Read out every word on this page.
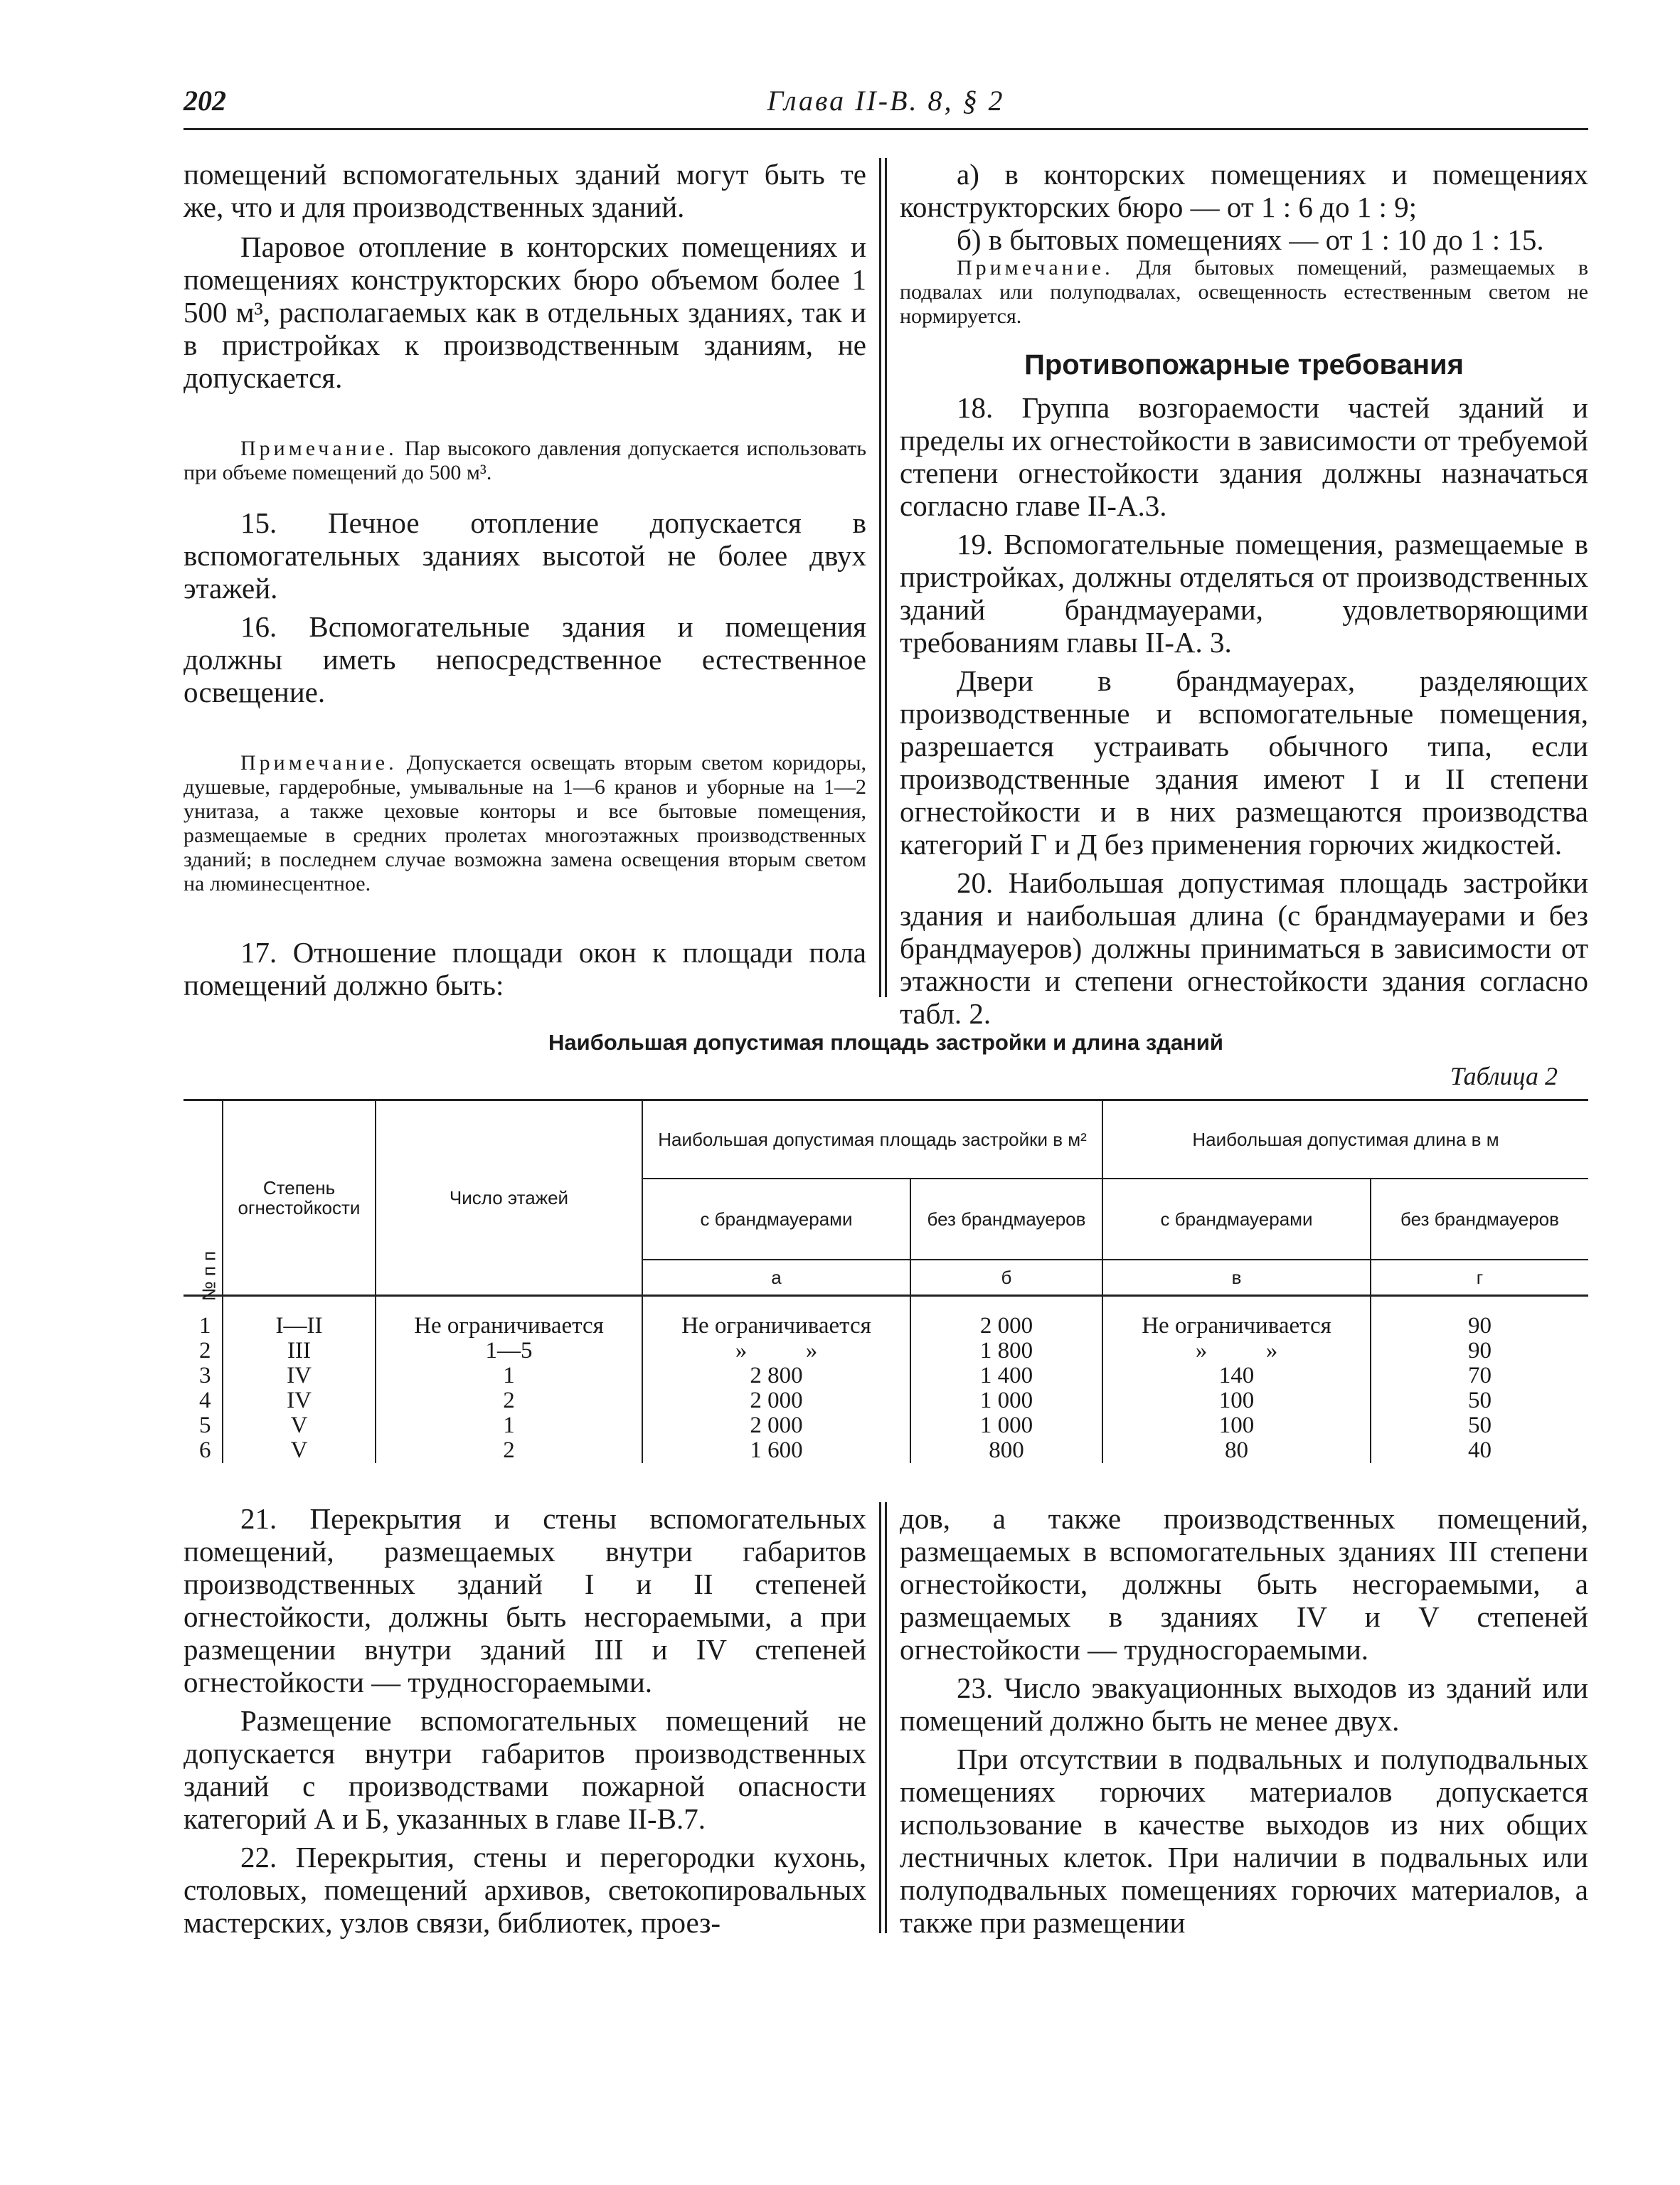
202	Глава II-В. 8, § 2

помещений вспомогательных зданий могут быть те же, что и для производственных зданий.

Паровое отопление в конторских помещениях и помещениях конструкторских бюро объемом более 1 500 м³, располагаемых как в отдельных зданиях, так и в пристройках к производственным зданиям, не допускается.

Примечание. Пар высокого давления допускается использовать при объеме помещений до 500 м³.

15. Печное отопление допускается в вспомогательных зданиях высотой не более двух этажей.

16. Вспомогательные здания и помещения должны иметь непосредственное естественное освещение.

Примечание. Допускается освещать вторым светом коридоры, душевые, гардеробные, умывальные на 1—6 кранов и уборные на 1—2 унитаза, а также цеховые конторы и все бытовые помещения, размещаемые в средних пролетах многоэтажных производственных зданий; в последнем случае возможна замена освещения вторым светом на люминесцентное.

17. Отношение площади окон к площади пола помещений должно быть:

а) в конторских помещениях и помещениях конструкторских бюро — от 1 : 6 до 1 : 9;

б) в бытовых помещениях — от 1 : 10 до 1 : 15.

Примечание. Для бытовых помещений, размещаемых в подвалах или полуподвалах, освещенность естественным светом не нормируется.

Противопожарные требования

18. Группа возгораемости частей зданий и пределы их огнестойкости в зависимости от требуемой степени огнестойкости здания должны назначаться согласно главе II-А.3.

19. Вспомогательные помещения, размещаемые в пристройках, должны отделяться от производственных зданий брандмауерами, удовлетворяющими требованиям главы II-А. 3.

Двери в брандмауерах, разделяющих производственные и вспомогательные помещения, разрешается устраивать обычного типа, если производственные здания имеют I и II степени огнестойкости и в них размещаются производства категорий Г и Д без применения горючих жидкостей.

20. Наибольшая допустимая площадь застройки здания и наибольшая длина (с брандмауерами и без брандмауеров) должны приниматься в зависимости от этажности и степени огнестойкости здания согласно табл. 2.

Наибольшая допустимая площадь застройки и длина зданий
Таблица 2
№ п п	Степень огнестойкости	Число этажей	Наибольшая допустимая площадь застройки в м²		Наибольшая допустимая длина в м	
			с брандмауерами	без брандмауеров	с брандмауерами	без брандмауеров
			а	б	в	г

1	I—II	Не ограничивается	Не ограничивается	2 000	Не ограничивается	90
2	III	1—5	»          »	1 800	»          »	90
3	IV	1	2 800	1 400	140	70
4	IV	2	2 000	1 000	100	50
5	V	1	2 000	1 000	100	50
6	V	2	1 600	800	80	40

21. Перекрытия и стены вспомогательных помещений, размещаемых внутри габаритов производственных зданий I и II степеней огнестойкости, должны быть несгораемыми, а при размещении внутри зданий III и IV степеней огнестойкости — трудносгораемыми.

Размещение вспомогательных помещений не допускается внутри габаритов производственных зданий с производствами пожарной опасности категорий А и Б, указанных в главе II-В.7.

22. Перекрытия, стены и перегородки кухонь, столовых, помещений архивов, светокопировальных мастерских, узлов связи, библиотек, проез-

дов, а также производственных помещений, размещаемых в вспомогательных зданиях III степени огнестойкости, должны быть несгораемыми, а размещаемых в зданиях IV и V степеней огнестойкости — трудносгораемыми.

23. Число эвакуационных выходов из зданий или помещений должно быть не менее двух.

При отсутствии в подвальных и полуподвальных помещениях горючих материалов допускается использование в качестве выходов из них общих лестничных клеток. При наличии в подвальных или полуподвальных помещениях горючих материалов, а также при размещении
